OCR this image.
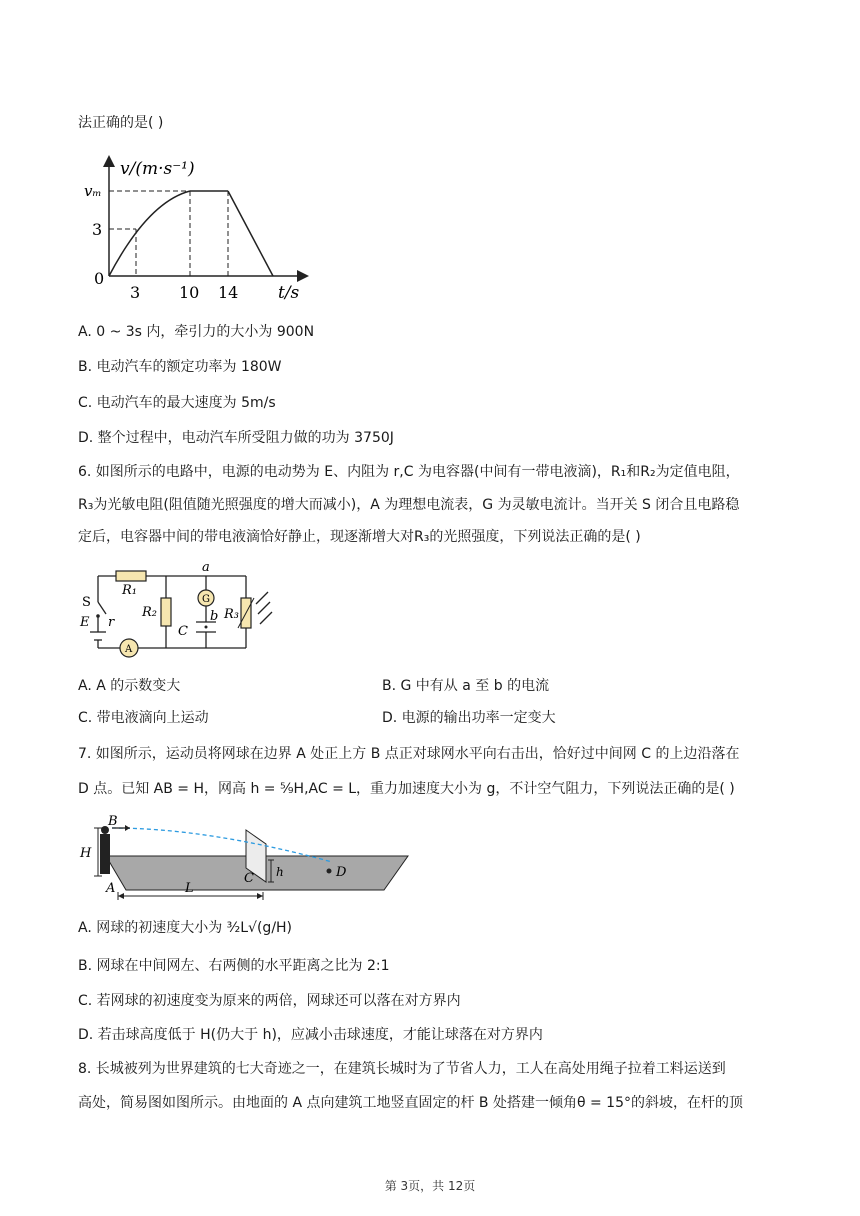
法正确的是( )
v/(m·s⁻¹)
vₘ
3
0
3 10 14 t/s
A. 0 ~ 3s 内，牵引力的大小为 900N
B. 电动汽车的额定功率为 180W
C. 电动汽车的最大速度为 5m/s
D. 整个过程中，电动汽车所受阻力做的功为 3750J
6. 如图所示的电路中，电源的电动势为 E、内阻为 r,C 为电容器(中间有一带电液滴)，R₁和R₂为定值电阻，
R₃为光敏电阻(阻值随光照强度的增大而减小)，A 为理想电流表，G 为灵敏电流计。当开关 S 闭合且电路稳
定后，电容器中间的带电液滴恰好静止，现逐渐增大对R₃的光照强度，下列说法正确的是( )
R₁
R₂	R₃
S
E r
C
a
b
G
A
A. A 的示数变大	B. G 中有从 a 至 b 的电流
C. 带电液滴向上运动	D. 电源的输出功率一定变大
7. 如图所示，运动员将网球在边界 A 处正上方 B 点正对球网水平向右击出，恰好过中间网 C 的上边沿落在
D 点。已知 AB = H，网高 h = ⁵⁄₉H,AC = L，重力加速度大小为 g，不计空气阻力，下列说法正确的是( )
B
H
A
C h	D
L
A. 网球的初速度大小为 ³⁄₂L√(g/H)
B. 网球在中间网左、右两侧的水平距离之比为 2:1
C. 若网球的初速度变为原来的两倍，网球还可以落在对方界内
D. 若击球高度低于 H(仍大于 h)，应减小击球速度，才能让球落在对方界内
8. 长城被列为世界建筑的七大奇迹之一，在建筑长城时为了节省人力，工人在高处用绳子拉着工料运送到
高处，简易图如图所示。由地面的 A 点向建筑工地竖直固定的杆 B 处搭建一倾角θ = 15°的斜坡，在杆的顶
第 3页，共 12页
